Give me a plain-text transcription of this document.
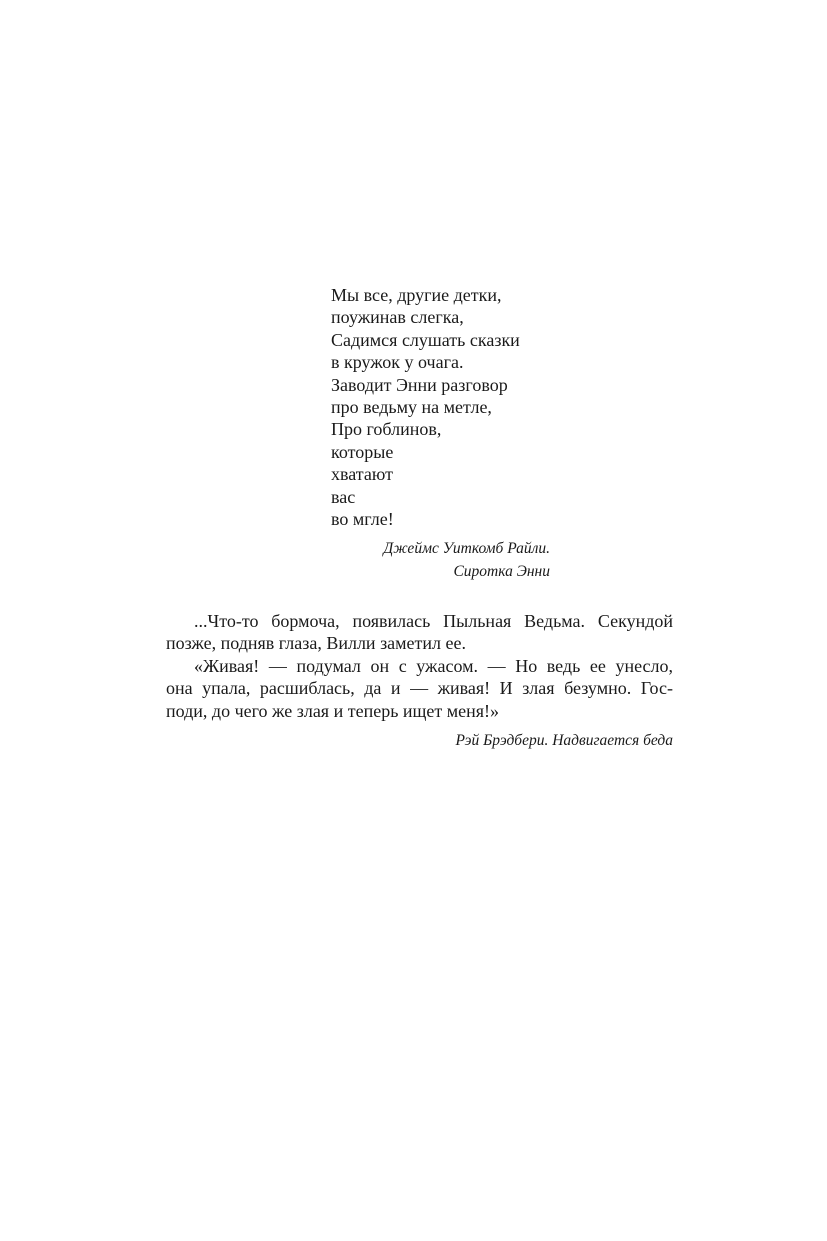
Мы все, другие детки,
поужинав слегка,
Садимся слушать сказки
в кружок у очага.
Заводит Энни разговор
про ведьму на метле,
Про гоблинов,
которые
хватают
вас
во мгле!
Джеймс Уиткомб Райли.
Сиротка Энни
...Что-то бормоча, появилась Пыльная Ведьма. Секундой
позже, подняв глаза, Вилли заметил ее.
«Живая! — подумал он с ужасом. — Но ведь ее унесло,
она упала, расшиблась, да и — живая! И злая безумно. Гос-
поди, до чего же злая и теперь ищет меня!»
Рэй Брэдбери. Надвигается беда
